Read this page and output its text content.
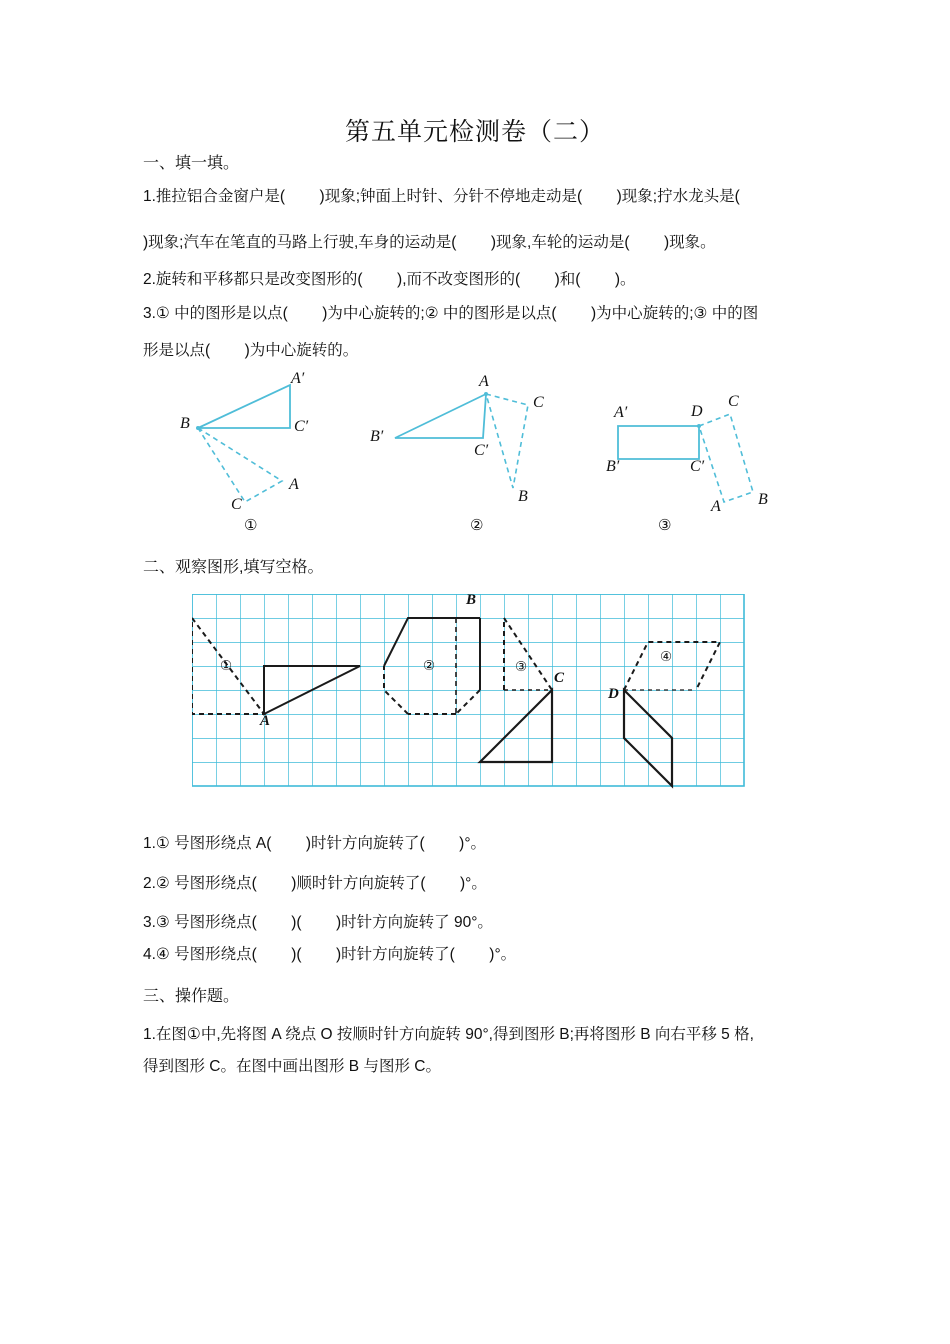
第五单元检测卷（二）
一、填一填。
1.推拉铝合金窗户是(        )现象;钟面上时针、分针不停地走动是(        )现象;拧水龙头是(
)现象;汽车在笔直的马路上行驶,车身的运动是(        )现象,车轮的运动是(        )现象。
2.旋转和平移都只是改变图形的(        ),而不改变图形的(        )和(        )。
3.① 中的图形是以点(        )为中心旋转的;② 中的图形是以点(        )为中心旋转的;③ 中的图
形是以点(        )为中心旋转的。
A′
B	C′
A
C
①
A
B′
C′
C
B
②
A′
B′	C′
D
C
A B
③
二、观察图形,填写空格。
①	②	③
④
A
B
C
D
1.① 号图形绕点 A(        )时针方向旋转了(        )°。
2.② 号图形绕点(        )顺时针方向旋转了(        )°。
3.③ 号图形绕点(        )(        )时针方向旋转了 90°。
4.④ 号图形绕点(        )(        )时针方向旋转了(        )°。
三、操作题。
1.在图①中,先将图 A 绕点 O 按顺时针方向旋转 90°,得到图形 B;再将图形 B 向右平移 5 格,
得到图形 C。在图中画出图形 B 与图形 C。
